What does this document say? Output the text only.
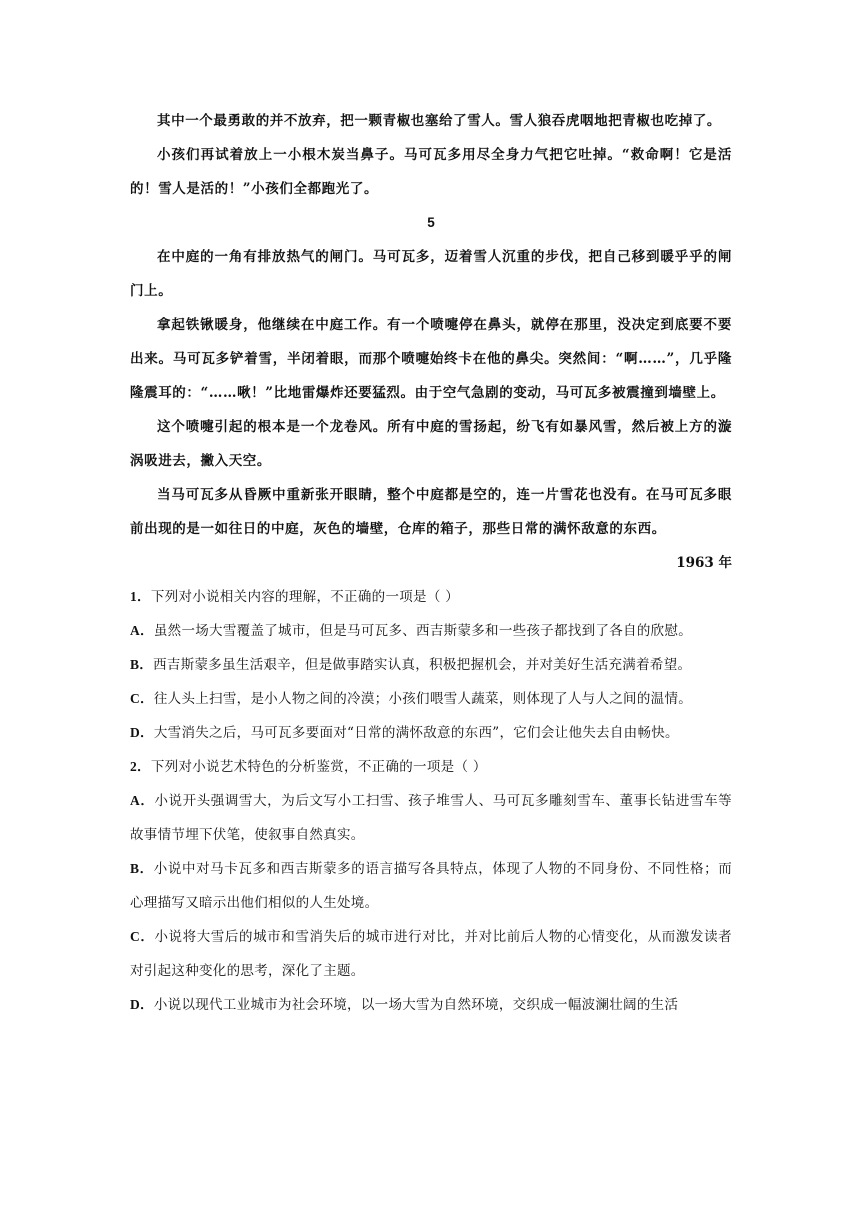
其中一个最勇敢的并不放弃，把一颗青椒也塞给了雪人。雪人狼吞虎咽地把青椒也吃掉了。

小孩们再试着放上一小根木炭当鼻子。马可瓦多用尽全身力气把它吐掉。“救命啊！它是活的！雪人是活的！”小孩们全都跑光了。

5

在中庭的一角有排放热气的闸门。马可瓦多，迈着雪人沉重的步伐，把自己移到暖乎乎的闸门上。

拿起铁锹暖身，他继续在中庭工作。有一个喷嚏停在鼻头，就停在那里，没决定到底要不要出来。马可瓦多铲着雪，半闭着眼，而那个喷嚏始终卡在他的鼻尖。突然间：“啊……”，几乎隆隆震耳的：“……啾！”比地雷爆炸还要猛烈。由于空气急剧的变动，马可瓦多被震撞到墙壁上。

这个喷嚏引起的根本是一个龙卷风。所有中庭的雪扬起，纷飞有如暴风雪，然后被上方的漩涡吸进去，撇入天空。

当马可瓦多从昏厥中重新张开眼睛，整个中庭都是空的，连一片雪花也没有。在马可瓦多眼前出现的是一如往日的中庭，灰色的墙壁，仓库的箱子，那些日常的满怀敌意的东西。

1963 年

1．下列对小说相关内容的理解，不正确的一项是（ ）

A．虽然一场大雪覆盖了城市，但是马可瓦多、西吉斯蒙多和一些孩子都找到了各自的欣慰。

B．西吉斯蒙多虽生活艰辛，但是做事踏实认真，积极把握机会，并对美好生活充满着希望。

C．往人头上扫雪，是小人物之间的冷漠；小孩们喂雪人蔬菜，则体现了人与人之间的温情。

D．大雪消失之后，马可瓦多要面对“日常的满怀敌意的东西”，它们会让他失去自由畅快。

2．下列对小说艺术特色的分析鉴赏，不正确的一项是（ ）

A．小说开头强调雪大，为后文写小工扫雪、孩子堆雪人、马可瓦多雕刻雪车、董事长钻进雪车等故事情节埋下伏笔，使叙事自然真实。

B．小说中对马卡瓦多和西吉斯蒙多的语言描写各具特点，体现了人物的不同身份、不同性格；而心理描写又暗示出他们相似的人生处境。

C．小说将大雪后的城市和雪消失后的城市进行对比，并对比前后人物的心情变化，从而激发读者对引起这种变化的思考，深化了主题。

D．小说以现代工业城市为社会环境，以一场大雪为自然环境，交织成一幅波澜壮阔的生活
